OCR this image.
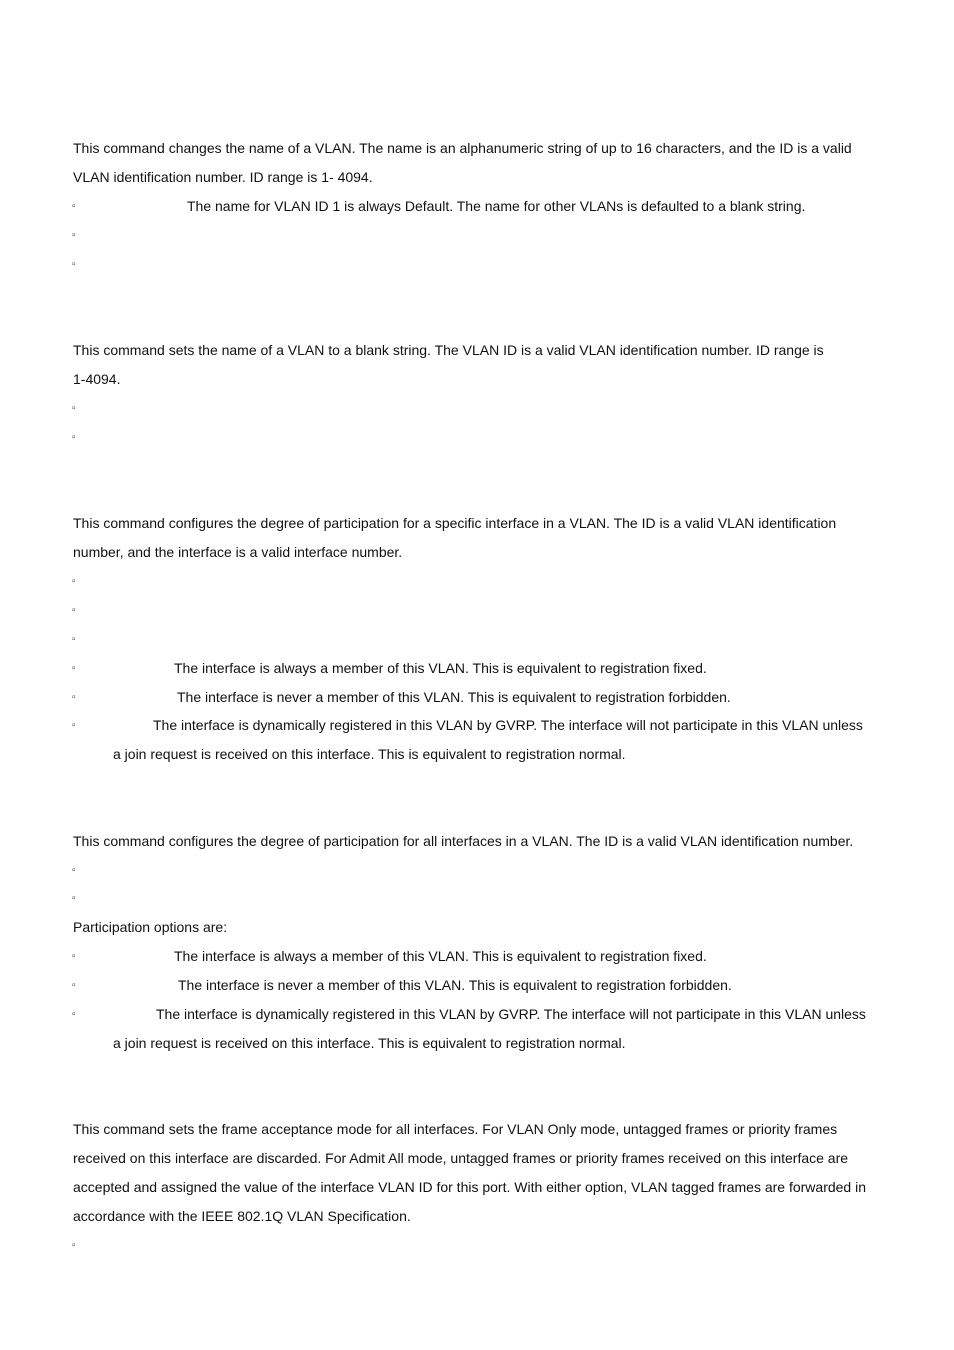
This command changes the name of a VLAN. The name is an alphanumeric string of up to 16 characters, and the ID is a valid
VLAN identification number. ID range is 1- 4094.
▫	The name for VLAN ID 1 is always Default. The name for other VLANs is defaulted to a blank string.
▫
▫
This command sets the name of a VLAN to a blank string. The VLAN ID is a valid VLAN identification number. ID range is
1-4094.
▫
▫
This command configures the degree of participation for a specific interface in a VLAN. The ID is a valid VLAN identification
number, and the interface is a valid interface number.
▫
▫
▫
▫	The interface is always a member of this VLAN. This is equivalent to registration fixed.
▫	The interface is never a member of this VLAN. This is equivalent to registration forbidden.
▫	The interface is dynamically registered in this VLAN by GVRP. The interface will not participate in this VLAN unless
a join request is received on this interface. This is equivalent to registration normal.
This command configures the degree of participation for all interfaces in a VLAN. The ID is a valid VLAN identification number.
▫
▫
Participation options are:
▫	The interface is always a member of this VLAN. This is equivalent to registration fixed.
▫	The interface is never a member of this VLAN. This is equivalent to registration forbidden.
▫	The interface is dynamically registered in this VLAN by GVRP. The interface will not participate in this VLAN unless
a join request is received on this interface. This is equivalent to registration normal.
This command sets the frame acceptance mode for all interfaces. For VLAN Only mode, untagged frames or priority frames
received on this interface are discarded. For Admit All mode, untagged frames or priority frames received on this interface are
accepted and assigned the value of the interface VLAN ID for this port. With either option, VLAN tagged frames are forwarded in
accordance with the IEEE 802.1Q VLAN Specification.
▫
